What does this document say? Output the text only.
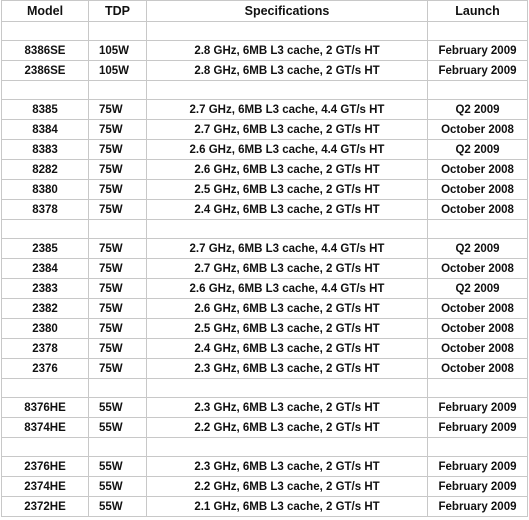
Model	TDP	Specifications	Launch

8386SE	105W	2.8 GHz, 6MB L3 cache, 2 GT/s HT	February 2009
2386SE	105W	2.8 GHz, 6MB L3 cache, 2 GT/s HT	February 2009

8385	75W	2.7 GHz, 6MB L3 cache, 4.4 GT/s HT	Q2 2009
8384	75W	2.7 GHz, 6MB L3 cache, 2 GT/s HT	October 2008
8383	75W	2.6 GHz, 6MB L3 cache, 4.4 GT/s HT	Q2 2009
8282	75W	2.6 GHz, 6MB L3 cache, 2 GT/s HT	October 2008
8380	75W	2.5 GHz, 6MB L3 cache, 2 GT/s HT	October 2008
8378	75W	2.4 GHz, 6MB L3 cache, 2 GT/s HT	October 2008

2385	75W	2.7 GHz, 6MB L3 cache, 4.4 GT/s HT	Q2 2009
2384	75W	2.7 GHz, 6MB L3 cache, 2 GT/s HT	October 2008
2383	75W	2.6 GHz, 6MB L3 cache, 4.4 GT/s HT	Q2 2009
2382	75W	2.6 GHz, 6MB L3 cache, 2 GT/s HT	October 2008
2380	75W	2.5 GHz, 6MB L3 cache, 2 GT/s HT	October 2008
2378	75W	2.4 GHz, 6MB L3 cache, 2 GT/s HT	October 2008
2376	75W	2.3 GHz, 6MB L3 cache, 2 GT/s HT	October 2008

8376HE	55W	2.3 GHz, 6MB L3 cache, 2 GT/s HT	February 2009
8374HE	55W	2.2 GHz, 6MB L3 cache, 2 GT/s HT	February 2009

2376HE	55W	2.3 GHz, 6MB L3 cache, 2 GT/s HT	February 2009
2374HE	55W	2.2 GHz, 6MB L3 cache, 2 GT/s HT	February 2009
2372HE	55W	2.1 GHz, 6MB L3 cache, 2 GT/s HT	February 2009
